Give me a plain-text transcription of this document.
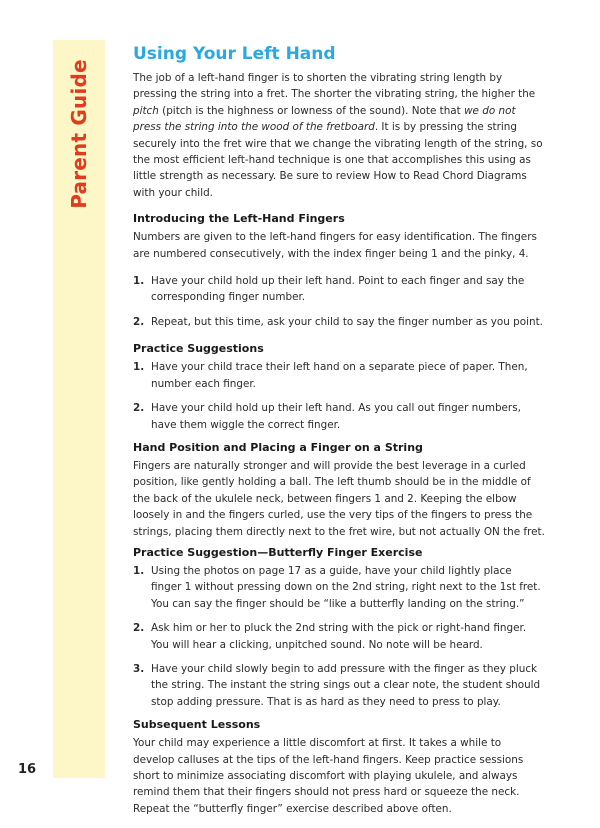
Parent Guide
16
Using Your Left Hand

The job of a left-hand finger is to shorten the vibrating string length by pressing the string into a fret. The shorter the vibrating string, the higher the pitch (pitch is the highness or lowness of the sound). Note that we do not press the string into the wood of the fretboard. It is by pressing the string securely into the fret wire that we change the vibrating length of the string, so the most efficient left-hand technique is one that accomplishes this using as little strength as necessary. Be sure to review How to Read Chord Diagrams with your child.

Introducing the Left-Hand Fingers

Numbers are given to the left-hand fingers for easy identification. The fingers are numbered consecutively, with the index finger being 1 and the pinky, 4.

1. Have your child hold up their left hand. Point to each finger and say the corresponding finger number.
2. Repeat, but this time, ask your child to say the finger number as you point.
Practice Suggestions
1. Have your child trace their left hand on a separate piece of paper. Then, number each finger.
2. Have your child hold up their left hand. As you call out finger numbers, have them wiggle the correct finger.
Hand Position and Placing a Finger on a String

Fingers are naturally stronger and will provide the best leverage in a curled position, like gently holding a ball. The left thumb should be in the middle of the back of the ukulele neck, between fingers 1 and 2. Keeping the elbow loosely in and the fingers curled, use the very tips of the fingers to press the strings, placing them directly next to the fret wire, but not actually ON the fret.

Practice Suggestion—Butterfly Finger Exercise
1. Using the photos on page 17 as a guide, have your child lightly place finger 1 without pressing down on the 2nd string, right next to the 1st fret. You can say the finger should be “like a butterfly landing on the string.”
2. Ask him or her to pluck the 2nd string with the pick or right-hand finger. You will hear a clicking, unpitched sound. No note will be heard.
3. Have your child slowly begin to add pressure with the finger as they pluck the string. The instant the string sings out a clear note, the student should stop adding pressure. That is as hard as they need to press to play.
Subsequent Lessons

Your child may experience a little discomfort at first. It takes a while to develop calluses at the tips of the left-hand fingers. Keep practice sessions short to minimize associating discomfort with playing ukulele, and always remind them that their fingers should not press hard or squeeze the neck. Repeat the “butterfly finger” exercise described above often.
